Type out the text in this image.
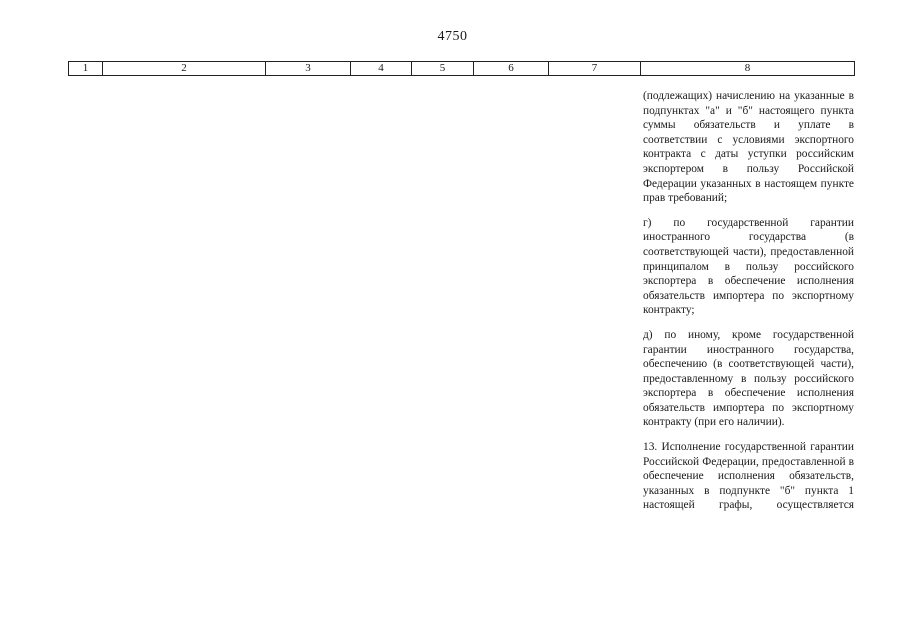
4750
1	2	3	4	5	6	7	8

(подлежащих) начислению на указанные в подпунктах "а" и "б" настоящего пункта суммы обязательств и уплате в соответствии с условиями экспортного контракта с даты уступки российским экспортером в пользу Российской Федерации указанных в настоящем пункте прав требований;

г) по государственной гарантии иностранного государства (в соответствующей части), предоставленной принципалом в пользу российского экспортера в обеспечение исполнения обязательств импортера по экспортному контракту;

д) по иному, кроме государственной гарантии иностранного государства, обеспечению (в соответствующей части), предоставленному в пользу российского экспортера в обеспечение исполнения обязательств импортера по экспортному контракту (при его наличии).

13. Исполнение государственной гарантии Российской Федерации, предоставленной в обеспечение исполнения обязательств, указанных в подпункте "б" пункта 1 настоящей графы, осуществляется
